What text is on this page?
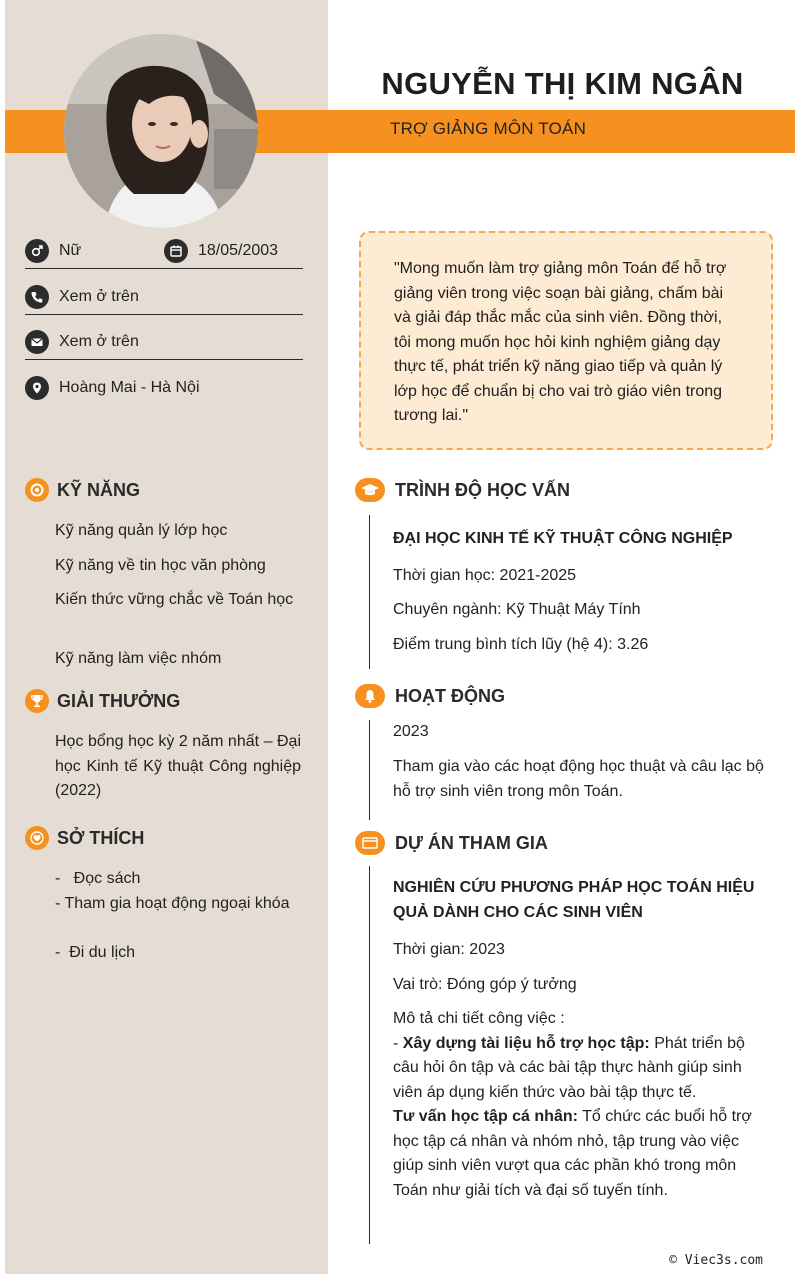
NGUYỄN THỊ KIM NGÂN
TRỢ GIẢNG MÔN TOÁN
Nữ	18/05/2003
Xem ở trên
Xem ở trên
Hoàng Mai - Hà Nội
"Mong muốn làm trợ giảng môn Toán để hỗ trợ giảng viên trong việc soạn bài giảng, chấm bài và giải đáp thắc mắc của sinh viên. Đồng thời, tôi mong muốn học hỏi kinh nghiệm giảng dạy thực tế, phát triển kỹ năng giao tiếp và quản lý lớp học để chuẩn bị cho vai trò giáo viên trong tương lai."
KỸ NĂNG
Kỹ năng quản lý lớp học
Kỹ năng về tin học văn phòng
Kiến thức vững chắc về Toán học
Kỹ năng làm việc nhóm
GIẢI THƯỞNG
Học bổng học kỳ 2 năm nhất – Đại học Kinh tế Kỹ thuật Công nghiệp (2022)
SỞ THÍCH
-   Đọc sách
- Tham gia hoạt động ngoại khóa
-  Đi du lịch
TRÌNH ĐỘ HỌC VẤN
ĐẠI HỌC KINH TẾ KỸ THUẬT CÔNG NGHIỆP
Thời gian học: 2021-2025
Chuyên ngành: Kỹ Thuật Máy Tính
Điểm trung bình tích lũy (hệ 4): 3.26
HOẠT ĐỘNG
2023
Tham gia vào các hoạt động học thuật và câu lạc bộ hỗ trợ sinh viên trong môn Toán.
DỰ ÁN THAM GIA
NGHIÊN CỨU PHƯƠNG PHÁP HỌC TOÁN HIỆU QUẢ DÀNH CHO CÁC SINH VIÊN
Thời gian: 2023
Vai trò: Đóng góp ý tưởng
Mô tả chi tiết công việc :
- Xây dựng tài liệu hỗ trợ học tập: Phát triển bộ câu hỏi ôn tập và các bài tập thực hành giúp sinh viên áp dụng kiến thức vào bài tập thực tế.
Tư vấn học tập cá nhân: Tổ chức các buổi hỗ trợ học tập cá nhân và nhóm nhỏ, tập trung vào việc giúp sinh viên vượt qua các phần khó trong môn Toán như giải tích và đại số tuyến tính.
© Viec3s.com
